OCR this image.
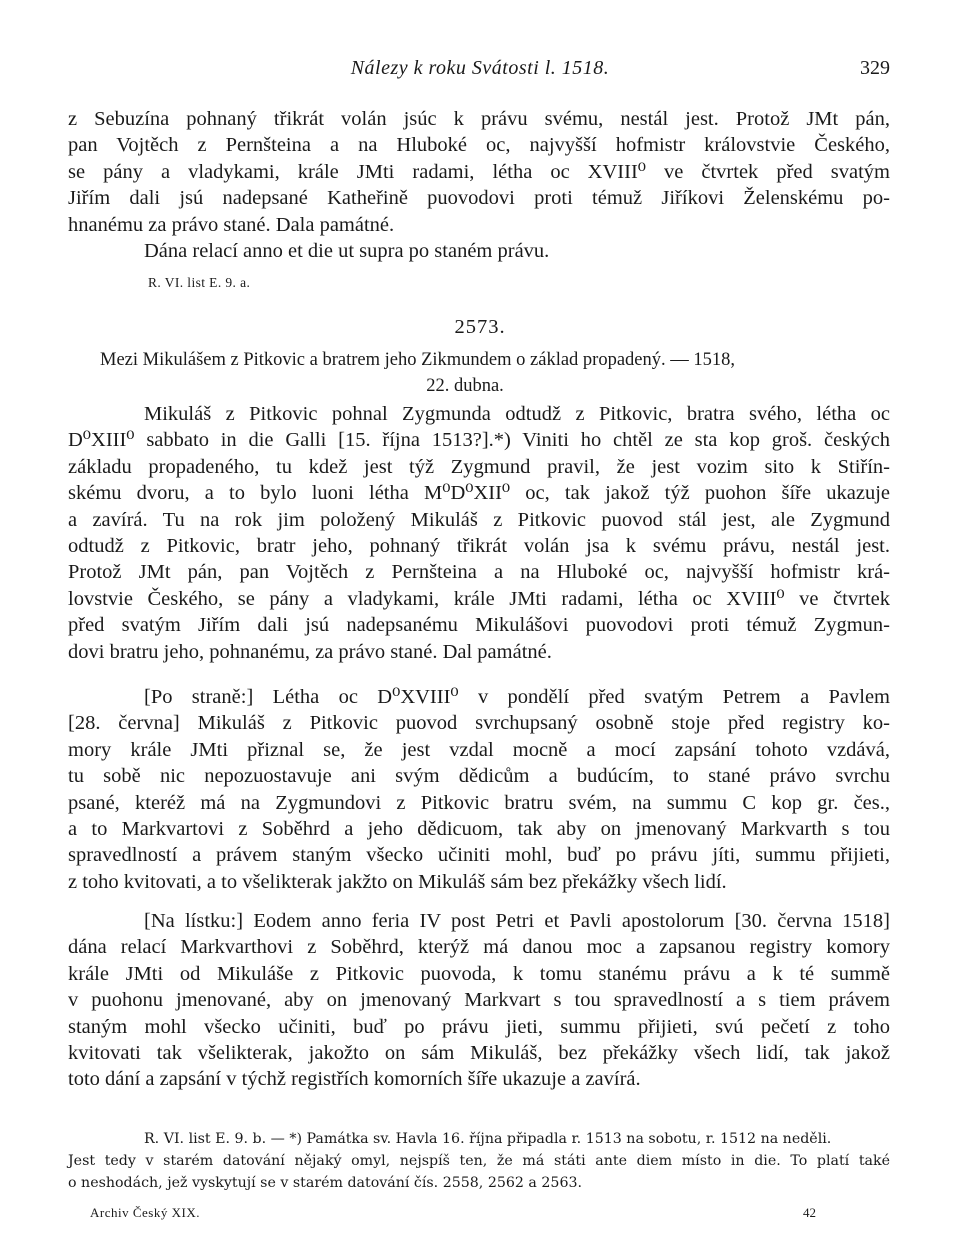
Nálezy k roku Svátosti l. 1518.	329
z Sebuzína pohnaný třikrát volán jsúc k právu svému, nestál jest. Protož JMt pán,
pan Vojtěch z Pernšteina a na Hluboké oc, najvyšší hofmistr královstvie Českého,
se pány a vladykami, krále JMti radami, létha oc XVIII⁰ ve čtvrtek před svatým
Jiřím dali jsú nadepsané Katheřině puovodovi proti témuž Jiříkovi Želenskému po-
hnanému za právo stané. Dala památné.
Dána relací anno et die ut supra po staném právu.
R. VI. list E. 9. a.
2573.
Mezi Mikulášem z Pitkovic a bratrem jeho Zikmundem o základ propadený. — 1518,
22. dubna.
Mikuláš z Pitkovic pohnal Zygmunda odtudž z Pitkovic, bratra svého, létha oc
D⁰XIII⁰ sabbato in die Galli [15. října 1513?].*) Viniti ho chtěl ze sta kop groš. českých
základu propadeného, tu kdež jest týž Zygmund pravil, že jest vozim sito k Stiřín-
skému dvoru, a to bylo luoni létha M⁰D⁰XII⁰ oc, tak jakož týž puohon šíře ukazuje
a zavírá. Tu na rok jim položený Mikuláš z Pitkovic puovod stál jest, ale Zygmund
odtudž z Pitkovic, bratr jeho, pohnaný třikrát volán jsa k svému právu, nestál jest.
Protož JMt pán, pan Vojtěch z Pernšteina a na Hluboké oc, najvyšší hofmistr krá-
lovstvie Českého, se pány a vladykami, krále JMti radami, létha oc XVIII⁰ ve čtvrtek
před svatým Jiřím dali jsú nadepsanému Mikulášovi puovodovi proti témuž Zygmun-
dovi bratru jeho, pohnanému, za právo stané. Dal památné.
[Po straně:] Létha oc D⁰XVIII⁰ v pondělí před svatým Petrem a Pavlem
[28. června] Mikuláš z Pitkovic puovod svrchupsaný osobně stoje před registry ko-
mory krále JMti přiznal se, že jest vzdal mocně a mocí zapsání tohoto vzdává,
tu sobě nic nepozuostavuje ani svým dědicům a budúcím, to stané právo svrchu
psané, kteréž má na Zygmundovi z Pitkovic bratru svém, na summu C kop gr. čes.,
a to Markvartovi z Soběhrd a jeho dědicuom, tak aby on jmenovaný Markvarth s tou
spravedlností a právem staným všecko učiniti mohl, buď po právu jíti, summu přijieti,
z toho kvitovati, a to všelikterak jakžto on Mikuláš sám bez překážky všech lidí.
[Na lístku:] Eodem anno feria IV post Petri et Pavli apostolorum [30. června 1518]
dána relací Markvarthovi z Soběhrd, kterýž má danou moc a zapsanou registry komory
krále JMti od Mikuláše z Pitkovic puovoda, k tomu stanému právu a k té summě
v puohonu jmenované, aby on jmenovaný Markvart s tou spravedlností a s tiem právem
staným mohl všecko učiniti, buď po právu jieti, summu přijieti, svú pečetí z toho
kvitovati tak všelikterak, jakožto on sám Mikuláš, bez překážky všech lidí, tak jakož
toto dání a zapsání v týchž registřích komorních šíře ukazuje a zavírá.
R. VI. list E. 9. b. — *) Památka sv. Havla 16. října připadla r. 1513 na sobotu, r. 1512 na neděli.
Jest tedy v starém datování nějaký omyl, nejspíš ten, že má státi ante diem místo in die. To platí také
o neshodách, jež vyskytují se v starém datování čís. 2558, 2562 a 2563.
Archiv Český XIX.	42
